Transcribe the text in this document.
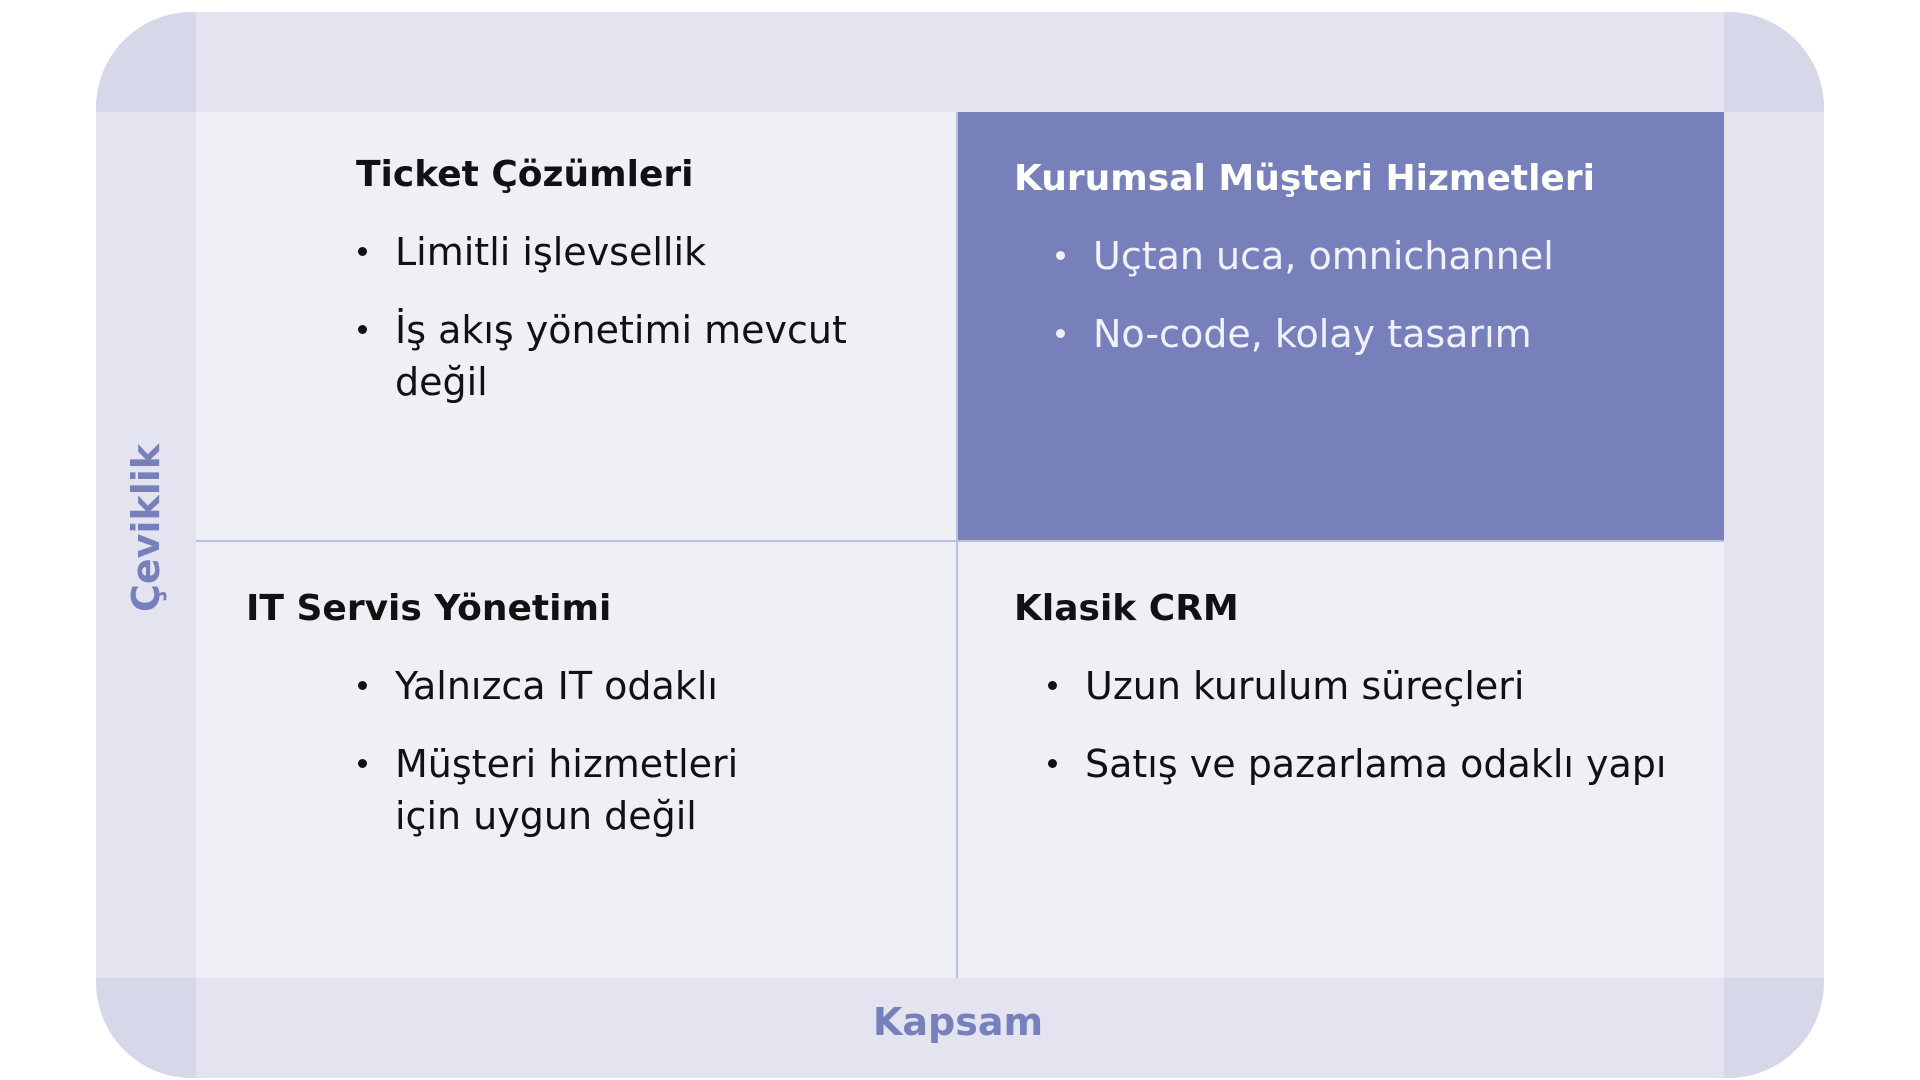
Ticket Çözümleri
Limitli işlevsellik
İş akış yönetimi mevcut değil
Kurumsal Müşteri Hizmetleri
Uçtan uca, omnichannel
No-code, kolay tasarım
IT Servis Yönetimi
Yalnızca IT odaklı
Müşteri hizmetleri için uygun değil
Klasik CRM
Uzun kurulum süreçleri
Satış ve pazarlama odaklı yapı
Çeviklik
Kapsam
